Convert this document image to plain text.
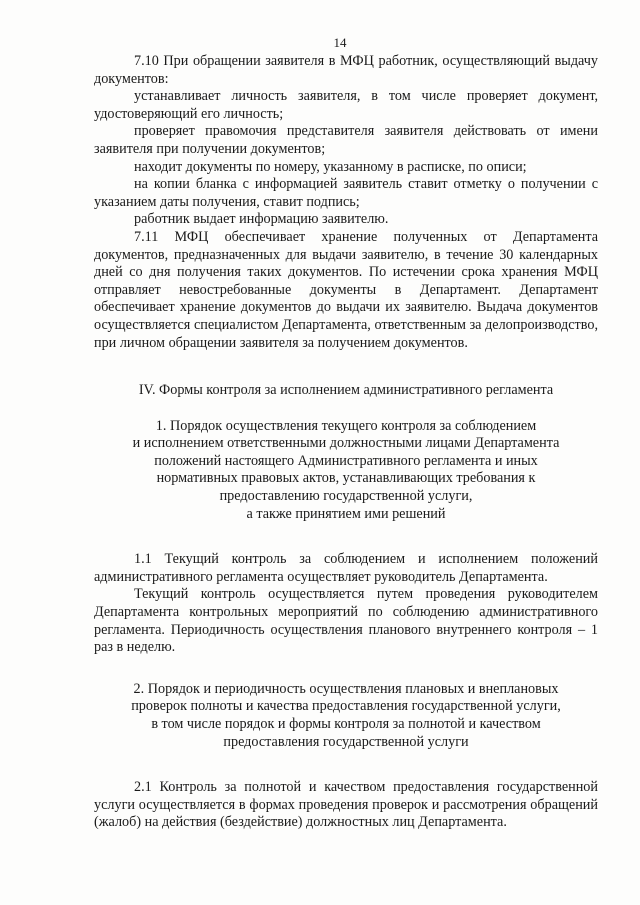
14

7.10 При обращении заявителя в МФЦ работник, осуществляющий выдачу документов:

устанавливает личность заявителя, в том числе проверяет документ, удостоверяющий его личность;

проверяет правомочия представителя заявителя действовать от имени заявителя при получении документов;

находит документы по номеру, указанному в расписке, по описи;

на копии бланка с информацией заявитель ставит отметку о получении с указанием даты получения, ставит подпись;

работник выдает информацию заявителю.

7.11 МФЦ обеспечивает хранение полученных от Департамента документов, предназначенных для выдачи заявителю, в течение 30 календарных дней со дня получения таких документов. По истечении срока хранения МФЦ отправляет невостребованные документы в Департамент. Департамент обеспечивает хранение документов до выдачи их заявителю. Выдача документов осуществляется специалистом Департамента, ответственным за делопроизводство, при личном обращении заявителя за получением документов.

IV. Формы контроля за исполнением административного регламента

1. Порядок осуществления текущего контроля за соблюдением
и исполнением ответственными должностными лицами Департамента
положений настоящего Административного регламента и иных
нормативных правовых актов, устанавливающих требования к
предоставлению государственной услуги,
а также принятием ими решений

1.1 Текущий контроль за соблюдением и исполнением положений административного регламента осуществляет руководитель Департамента.

Текущий контроль осуществляется путем проведения руководителем Департамента контрольных мероприятий по соблюдению административного регламента. Периодичность осуществления планового внутреннего контроля – 1 раз в неделю.

2. Порядок и периодичность осуществления плановых и внеплановых
проверок полноты и качества предоставления государственной услуги,
в том числе порядок и формы контроля за полнотой и качеством
предоставления государственной услуги

2.1 Контроль за полнотой и качеством предоставления государственной услуги осуществляется в формах проведения проверок и рассмотрения обращений (жалоб) на действия (бездействие) должностных лиц Департамента.
